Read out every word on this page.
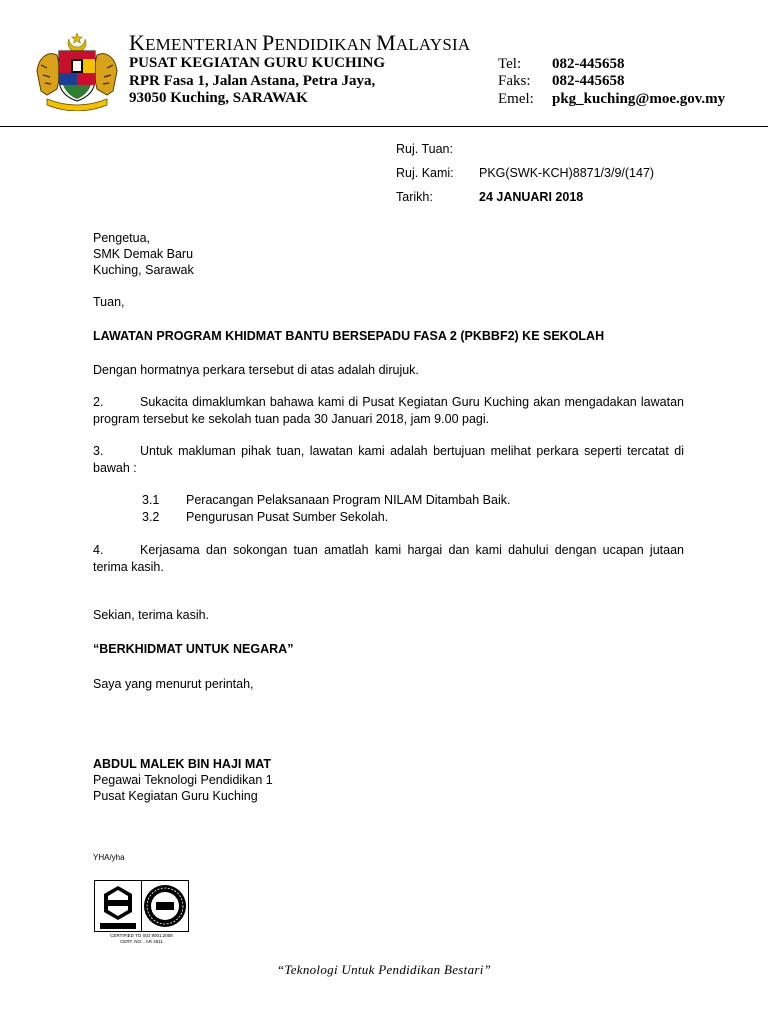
KEMENTERIAN PENDIDIKAN MALAYSIA
PUSAT KEGIATAN GURU KUCHING
RPR Fasa 1, Jalan Astana, Petra Jaya,
93050 Kuching, SARAWAK
Tel: 082-445658
Faks: 082-445658
Emel: pkg_kuching@moe.gov.my
Ruj. Tuan:
Ruj. Kami: PKG(SWK-KCH)8871/3/9/(147)
Tarikh:	24 JANUARI 2018
Pengetua,
SMK Demak Baru
Kuching, Sarawak
Tuan,
LAWATAN PROGRAM KHIDMAT BANTU BERSEPADU FASA 2 (PKBBF2) KE SEKOLAH
Dengan hormatnya perkara tersebut di atas adalah dirujuk.
2.	Sukacita dimaklumkan bahawa kami di Pusat Kegiatan Guru Kuching akan mengadakan lawatan program tersebut ke sekolah tuan pada 30 Januari 2018, jam 9.00 pagi.
3.	Untuk makluman pihak tuan, lawatan kami adalah bertujuan melihat perkara seperti tercatat di bawah :
3.1 Peracangan Pelaksanaan Program NILAM Ditambah Baik.
3.2 Pengurusan Pusat Sumber Sekolah.
4.	Kerjasama dan sokongan tuan amatlah kami hargai dan kami dahului dengan ucapan jutaan terima kasih.
Sekian, terima kasih.
“BERKHIDMAT UNTUK NEGARA”
Saya yang menurut perintah,
ABDUL MALEK BIN HAJI MAT
Pegawai Teknologi Pendidikan 1
Pusat Kegiatan Guru Kuching
YHA/yha
CERTIFIED TO ISO 9001:2008
CERT. NO. : AR 4511
“Teknologi Untuk Pendidikan Bestari”
